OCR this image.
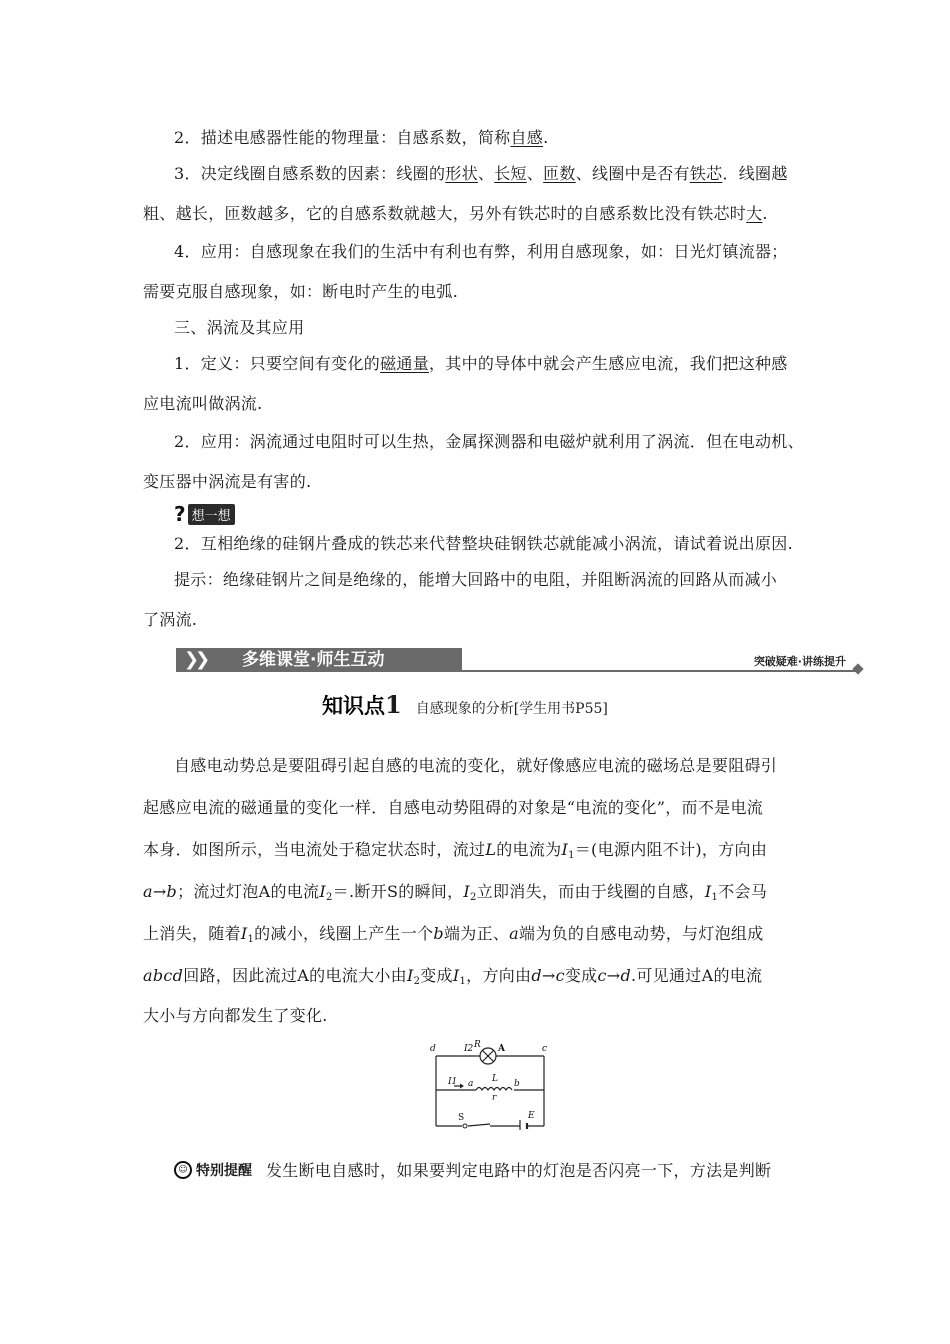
2．描述电感器性能的物理量：自感系数，简称自感.
3．决定线圈自感系数的因素：线圈的形状、长短、匝数、线圈中是否有铁芯．线圈越
粗、越长，匝数越多，它的自感系数就越大，另外有铁芯时的自感系数比没有铁芯时大.
4．应用：自感现象在我们的生活中有利也有弊，利用自感现象，如：日光灯镇流器；
需要克服自感现象，如：断电时产生的电弧.
三、涡流及其应用
1．定义：只要空间有变化的磁通量，其中的导体中就会产生感应电流，我们把这种感
应电流叫做涡流.
2．应用：涡流通过电阻时可以生热，金属探测器和电磁炉就利用了涡流．但在电动机、
变压器中涡流是有害的.
? 想一想
2．互相绝缘的硅钢片叠成的铁芯来代替整块硅钢铁芯就能减小涡流，请试着说出原因.
提示：绝缘硅钢片之间是绝缘的，能增大回路中的电阻，并阻断涡流的回路从而减小
了涡流.
❯❯ 多维课堂·师生互动	突破疑难·讲练提升
知识点 1 自感现象的分析[学生用书P55]
自感电动势总是要阻碍引起自感的电流的变化，就好像感应电流的磁场总是要阻碍引
起感应电流的磁通量的变化一样．自感电动势阻碍的对象是“电流的变化”，而不是电流
本身．如图所示，当电流处于稳定状态时，流过L的电流为$I_1=$(电源内阻不计)，方向由
a→b；流过灯泡A的电流$I_2=$.断开S的瞬间，$I_2$立即消失，而由于线圈的自感，$I_1$不会马
上消失，随着$I_1$的减小，线圈上产生一个b端为正、a端为负的自感电动势，与灯泡组成
abcd回路，因此流过A的电流大小由$I_2$变成$I_1$，方向由d→c变成c→d.可见通过A的电流
大小与方向都发生了变化.
d	c
I2 R A
I1 a L b
r
S	E
☺ 特别提醒 发生断电自感时，如果要判定电路中的灯泡是否闪亮一下，方法是判断
